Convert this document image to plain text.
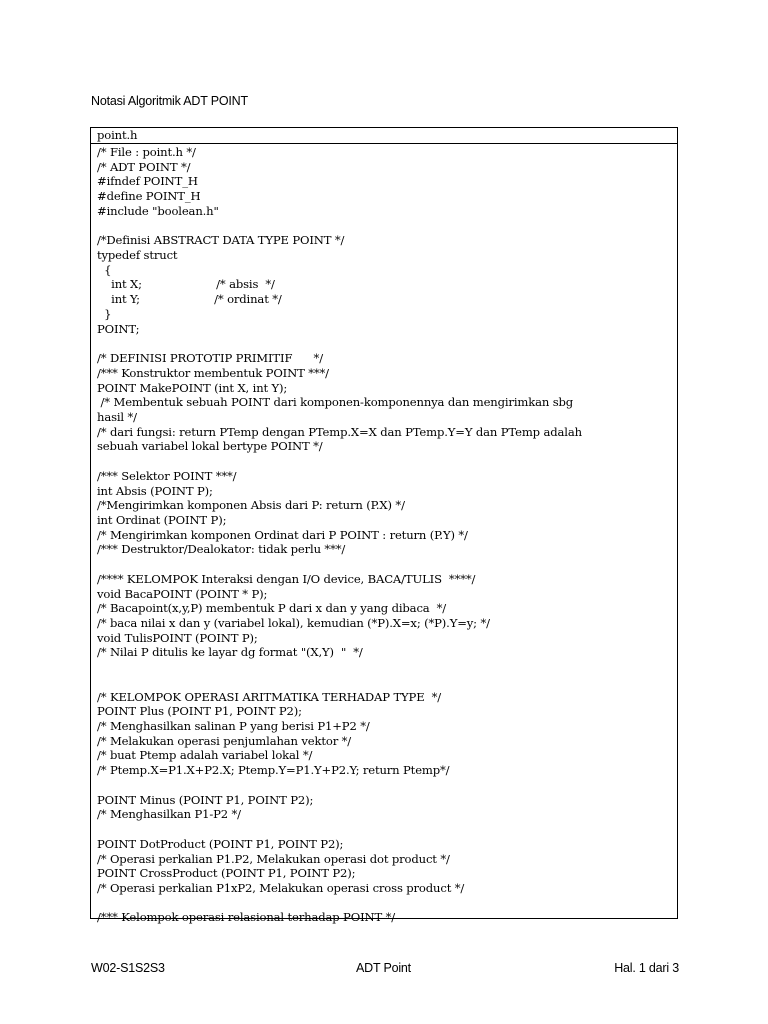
Notasi Algoritmik ADT POINT
point.h
/* File : point.h */
/* ADT POINT */
#ifndef POINT_H
#define POINT_H
#include "boolean.h"
/*Definisi ABSTRACT DATA TYPE POINT */
typedef struct
{
int X;                     /* absis  */
int Y;                     /* ordinat */
}
POINT;
/* DEFINISI PROTOTIP PRIMITIF      */
/*** Konstruktor membentuk POINT ***/
POINT MakePOINT (int X, int Y);
/* Membentuk sebuah POINT dari komponen-komponennya dan mengirimkan sbg
hasil */
/* dari fungsi: return PTemp dengan PTemp.X=X dan PTemp.Y=Y dan PTemp adalah
sebuah variabel lokal bertype POINT */
/*** Selektor POINT ***/
int Absis (POINT P);
/*Mengirimkan komponen Absis dari P: return (P.X) */
int Ordinat (POINT P);
/* Mengirimkan komponen Ordinat dari P POINT : return (P.Y) */
/*** Destruktor/Dealokator: tidak perlu ***/
/**** KELOMPOK Interaksi dengan I/O device, BACA/TULIS  ****/
void BacaPOINT (POINT * P);
/* Bacapoint(x,y,P) membentuk P dari x dan y yang dibaca  */
/* baca nilai x dan y (variabel lokal), kemudian (*P).X=x; (*P).Y=y; */
void TulisPOINT (POINT P);
/* Nilai P ditulis ke layar dg format "(X,Y)  "  */
/* KELOMPOK OPERASI ARITMATIKA TERHADAP TYPE  */
POINT Plus (POINT P1, POINT P2);
/* Menghasilkan salinan P yang berisi P1+P2 */
/* Melakukan operasi penjumlahan vektor */
/* buat Ptemp adalah variabel lokal */
/* Ptemp.X=P1.X+P2.X; Ptemp.Y=P1.Y+P2.Y; return Ptemp*/
POINT Minus (POINT P1, POINT P2);
/* Menghasilkan P1-P2 */
POINT DotProduct (POINT P1, POINT P2);
/* Operasi perkalian P1.P2, Melakukan operasi dot product */
POINT CrossProduct (POINT P1, POINT P2);
/* Operasi perkalian P1xP2, Melakukan operasi cross product */
/*** Kelompok operasi relasional terhadap POINT */
W02-S1S2S3	ADT Point	Hal. 1 dari 3
